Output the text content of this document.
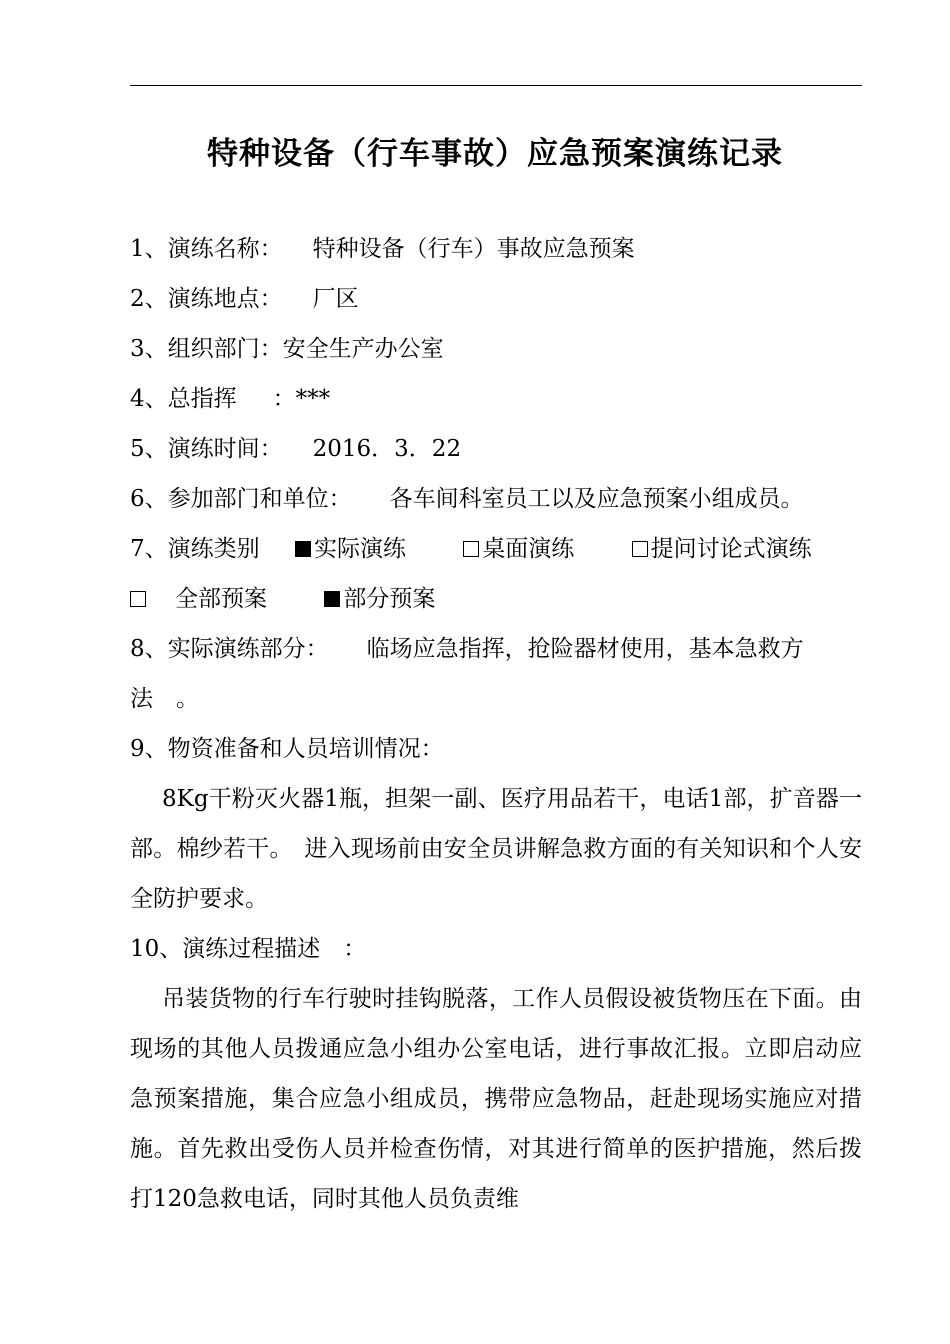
特种设备（行车事故）应急预案演练记录
1、演练名称： 特种设备（行车）事故应急预案
2、演练地点： 厂区
3、组织部门：安全生产办公室
4、总指挥 ：***
5、演练时间： 2016．3．22
6、参加部门和单位： 各车间科室员工以及应急预案小组成员。
7、演练类别 实际演练	桌面演练	提问讨论式演练
全部预案	部分预案
8、实际演练部分： 临场应急指挥，抢险器材使用，基本急救方
法　。
9、物资准备和人员培训情况：
8Kg干粉灭火器1瓶，担架一副、医疗用品若干，电话1部，扩音器一部。棉纱若干。　进入现场前由安全员讲解急救方面的有关知识和个人安全防护要求。
10、演练过程描述　：
吊装货物的行车行驶时挂钩脱落，工作人员假设被货物压在下面。由现场的其他人员拨通应急小组办公室电话，进行事故汇报。立即启动应急预案措施，集合应急小组成员，携带应急物品，赶赴现场实施应对措施。首先救出受伤人员并检查伤情，对其进行简单的医护措施，然后拨打120急救电话，同时其他人员负责维
